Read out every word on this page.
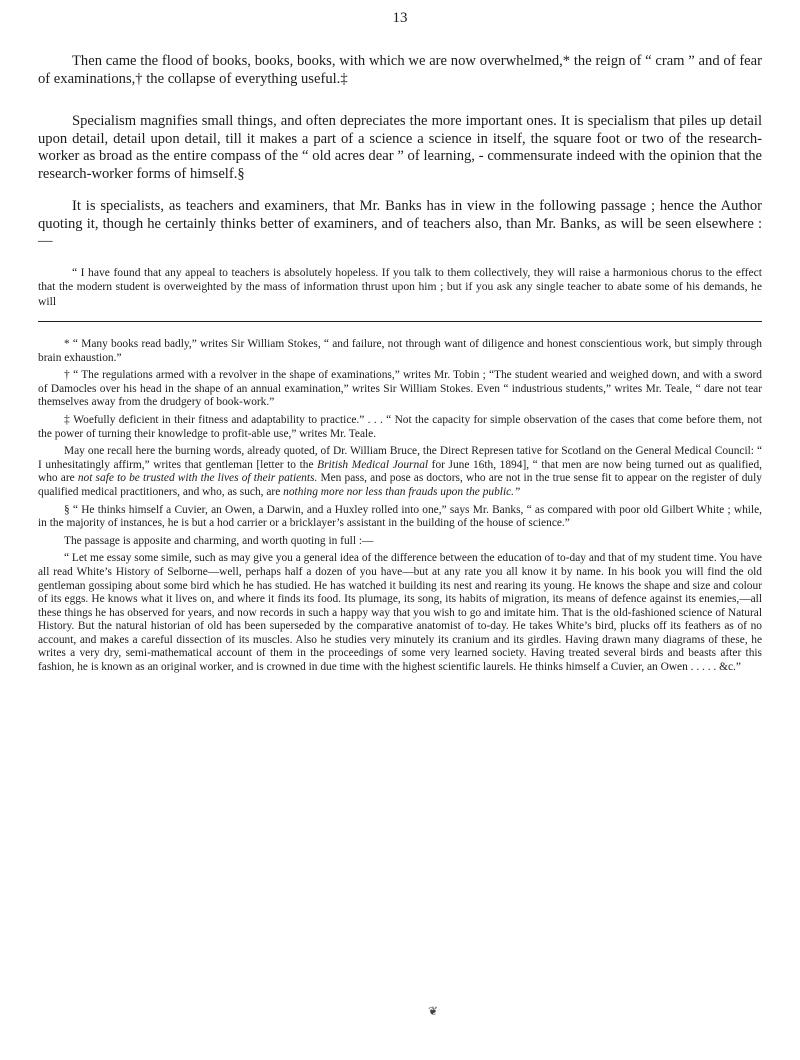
13

Then came the flood of books, books, books, with which we are now overwhelmed,* the reign of “ cram ” and of fear of examinations,† the collapse of everything useful.‡

Specialism magnifies small things, and often depreciates the more important ones. It is specialism that piles up detail upon detail, detail upon detail, till it makes a part of a science a science in itself, the square foot or two of the research-worker as broad as the entire compass of the “ old acres dear ” of learning, - commensurate indeed with the opinion that the research-worker forms of himself.§

It is specialists, as teachers and examiners, that Mr. Banks has in view in the following passage ; hence the Author quoting it, though he certainly thinks better of examiners, and of teachers also, than Mr. Banks, as will be seen elsewhere :—

“ I have found that any appeal to teachers is absolutely hopeless. If you talk to them collectively, they will raise a harmonious chorus to the effect that the modern student is overweighted by the mass of information thrust upon him ; but if you ask any single teacher to abate some of his demands, he will

* “ Many books read badly,” writes Sir William Stokes, “ and failure, not through want of diligence and honest conscientious work, but simply through brain exhaustion.”

† “ The regulations armed with a revolver in the shape of examinations,” writes Mr. Tobin ; “The student wearied and weighed down, and with a sword of Damocles over his head in the shape of an annual examination,” writes Sir William Stokes. Even “ industrious students,” writes Mr. Teale, “ dare not tear themselves away from the drudgery of book-work.”

‡ Woefully deficient in their fitness and adaptability to practice.” . . . “ Not the capacity for simple observation of the cases that come before them, not the power of turning their knowledge to profit-able use,” writes Mr. Teale.

May one recall here the burning words, already quoted, of Dr. William Bruce, the Direct Represen tative for Scotland on the General Medical Council: “ I unhesitatingly affirm,” writes that gentleman [letter to the British Medical Journal for June 16th, 1894], “ that men are now being turned out as qualified, who are not safe to be trusted with the lives of their patients. Men pass, and pose as doctors, who are not in the true sense fit to appear on the register of duly qualified medical practitioners, and who, as such, are nothing more nor less than frauds upon the public.”

§ “ He thinks himself a Cuvier, an Owen, a Darwin, and a Huxley rolled into one,” says Mr. Banks, “ as compared with poor old Gilbert White ; while, in the majority of instances, he is but a hod carrier or a bricklayer’s assistant in the building of the house of science.”

The passage is apposite and charming, and worth quoting in full :—

“ Let me essay some simile, such as may give you a general idea of the difference between the education of to-day and that of my student time. You have all read White’s History of Selborne—well, perhaps half a dozen of you have—but at any rate you all know it by name. In his book you will find the old gentleman gossiping about some bird which he has studied. He has watched it building its nest and rearing its young. He knows the shape and size and colour of its eggs. He knows what it lives on, and where it finds its food. Its plumage, its song, its habits of migration, its means of defence against its enemies,—all these things he has observed for years, and now records in such a happy way that you wish to go and imitate him. That is the old-fashioned science of Natural History. But the natural historian of old has been superseded by the comparative anatomist of to-day. He takes White’s bird, plucks off its feathers as of no account, and makes a careful dissection of its muscles. Also he studies very minutely its cranium and its girdles. Having drawn many diagrams of these, he writes a very dry, semi-mathematical account of them in the proceedings of some very learned society. Having treated several birds and beasts after this fashion, he is known as an original worker, and is crowned in due time with the highest scientific laurels. He thinks himself a Cuvier, an Owen . . . . . &c.”

❦
